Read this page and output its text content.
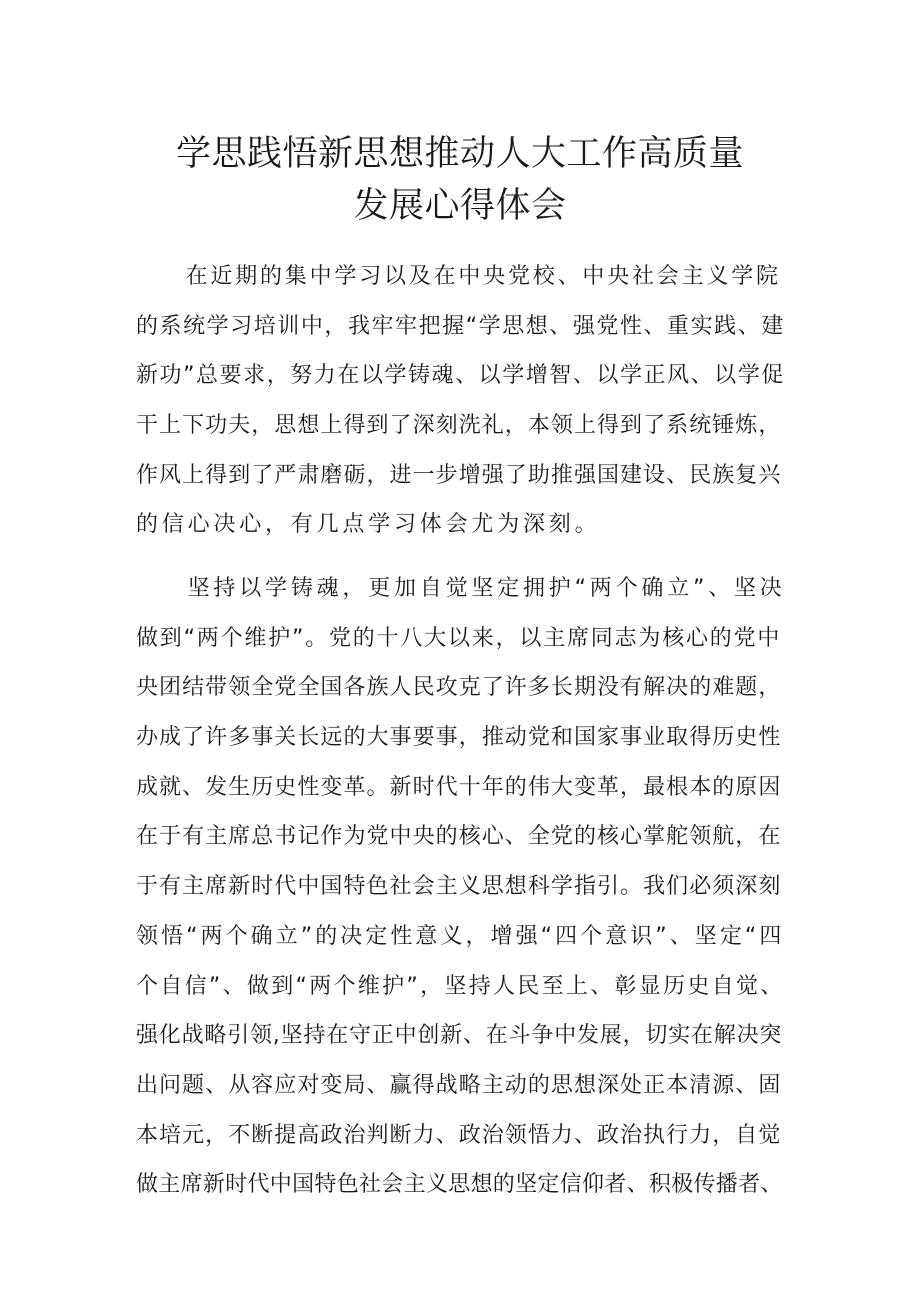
学思践悟新思想推动人大工作高质量
发展心得体会
　　在近期的集中学习以及在中央党校、中央社会主义学院
的系统学习培训中，我牢牢把握“学思想、强党性、重实践、建
新功”总要求，努力在以学铸魂、以学增智、以学正风、以学促
干上下功夫，思想上得到了深刻洗礼，本领上得到了系统锤炼，
作风上得到了严肃磨砺，进一步增强了助推强国建设、民族复兴
的信心决心，有几点学习体会尤为深刻。
　　坚持以学铸魂，更加自觉坚定拥护“两个确立”、坚决
做到“两个维护”。党的十八大以来，以主席同志为核心的党中
央团结带领全党全国各族人民攻克了许多长期没有解决的难题，
办成了许多事关长远的大事要事，推动党和国家事业取得历史性
成就、发生历史性变革。新时代十年的伟大变革，最根本的原因
在于有主席总书记作为党中央的核心、全党的核心掌舵领航，在
于有主席新时代中国特色社会主义思想科学指引。我们必须深刻
领悟“两个确立”的决定性意义，增强“四个意识”、坚定“四
个自信”、做到“两个维护”，坚持人民至上、彰显历史自觉、
强化战略引领,坚持在守正中创新、在斗争中发展，切实在解决突
出问题、从容应对变局、赢得战略主动的思想深处正本清源、固
本培元，不断提高政治判断力、政治领悟力、政治执行力，自觉
做主席新时代中国特色社会主义思想的坚定信仰者、积极传播者、
